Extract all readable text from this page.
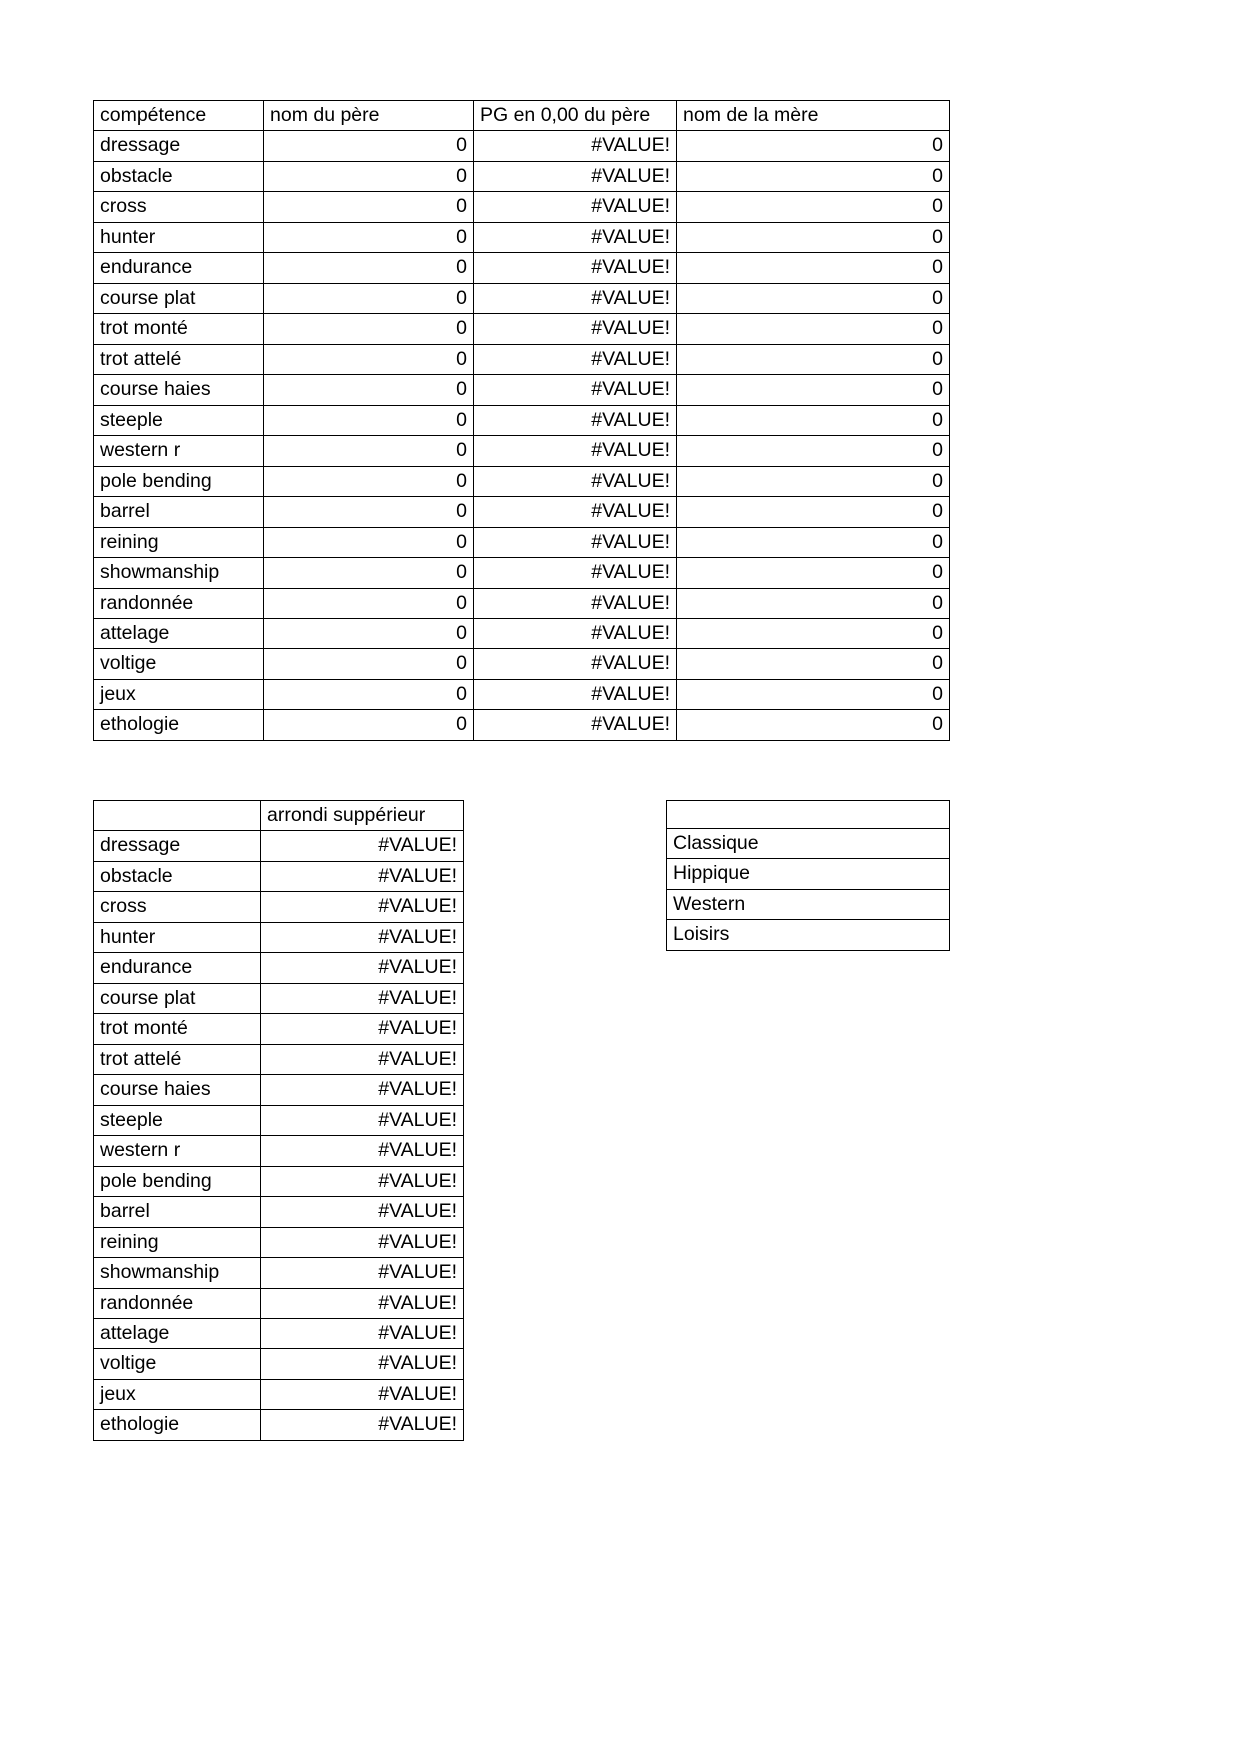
compétence	nom du père	PG en 0,00 du père	nom de la mère
dressage	0	#VALUE!	0
obstacle	0	#VALUE!	0
cross	0	#VALUE!	0
hunter	0	#VALUE!	0
endurance	0	#VALUE!	0
course plat	0	#VALUE!	0
trot monté	0	#VALUE!	0
trot attelé	0	#VALUE!	0
course haies	0	#VALUE!	0
steeple	0	#VALUE!	0
western r	0	#VALUE!	0
pole bending	0	#VALUE!	0
barrel	0	#VALUE!	0
reining	0	#VALUE!	0
showmanship	0	#VALUE!	0
randonnée	0	#VALUE!	0
attelage	0	#VALUE!	0
voltige	0	#VALUE!	0
jeux	0	#VALUE!	0
ethologie	0	#VALUE!	0
	arrondi suppérieur
dressage	#VALUE!
obstacle	#VALUE!
cross	#VALUE!
hunter	#VALUE!
endurance	#VALUE!
course plat	#VALUE!
trot monté	#VALUE!
trot attelé	#VALUE!
course haies	#VALUE!
steeple	#VALUE!
western r	#VALUE!
pole bending	#VALUE!
barrel	#VALUE!
reining	#VALUE!
showmanship	#VALUE!
randonnée	#VALUE!
attelage	#VALUE!
voltige	#VALUE!
jeux	#VALUE!
ethologie	#VALUE!

Classique
Hippique
Western
Loisirs
